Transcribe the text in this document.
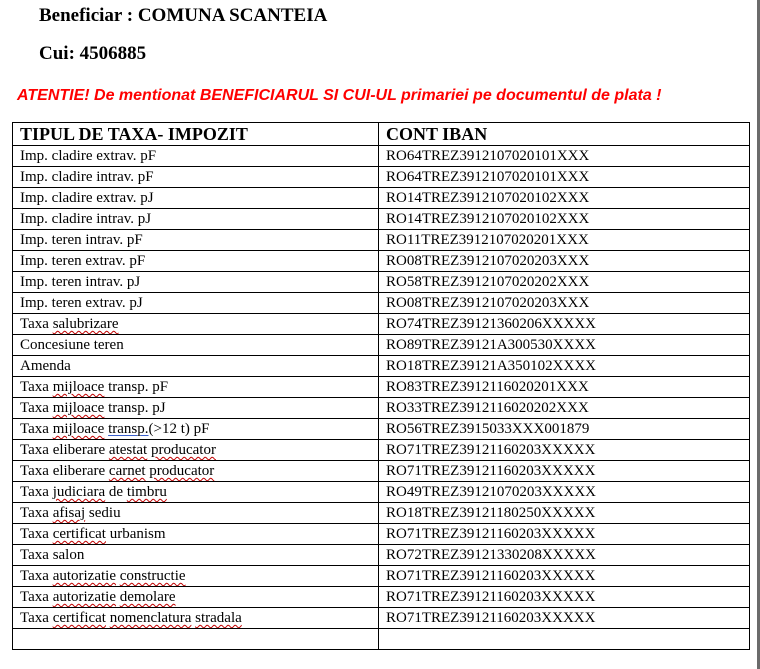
Beneficiar : COMUNA SCANTEIA
Cui: 4506885
ATENTIE! De mentionat BENEFICIARUL SI CUI-UL primariei pe documentul de plata !
TIPUL DE TAXA- IMPOZIT	CONT IBAN
Imp. cladire extrav. pF	RO64TREZ3912107020101XXX
Imp. cladire intrav. pF	RO64TREZ3912107020101XXX
Imp. cladire extrav. pJ	RO14TREZ3912107020102XXX
Imp. cladire intrav. pJ	RO14TREZ3912107020102XXX
Imp. teren intrav. pF	RO11TREZ3912107020201XXX
Imp. teren extrav. pF	RO08TREZ3912107020203XXX
Imp. teren intrav. pJ	RO58TREZ3912107020202XXX
Imp. teren extrav. pJ	RO08TREZ3912107020203XXX
Taxa salubrizare	RO74TREZ39121360206XXXXX
Concesiune teren	RO89TREZ39121A300530XXXX
Amenda	RO18TREZ39121A350102XXXX
Taxa mijloace transp. pF	RO83TREZ3912116020201XXX
Taxa mijloace transp. pJ	RO33TREZ3912116020202XXX
Taxa mijloace transp.(>12 t) pF	RO56TREZ3915033XXX001879
Taxa eliberare atestat producator	RO71TREZ39121160203XXXXX
Taxa eliberare carnet producator	RO71TREZ39121160203XXXXX
Taxa judiciara de timbru	RO49TREZ39121070203XXXXX
Taxa afisaj sediu	RO18TREZ39121180250XXXXX
Taxa certificat urbanism	RO71TREZ39121160203XXXXX
Taxa salon	RO72TREZ39121330208XXXXX
Taxa autorizatie constructie	RO71TREZ39121160203XXXXX
Taxa autorizatie demolare	RO71TREZ39121160203XXXXX
Taxa certificat nomenclatura stradala	RO71TREZ39121160203XXXXX
